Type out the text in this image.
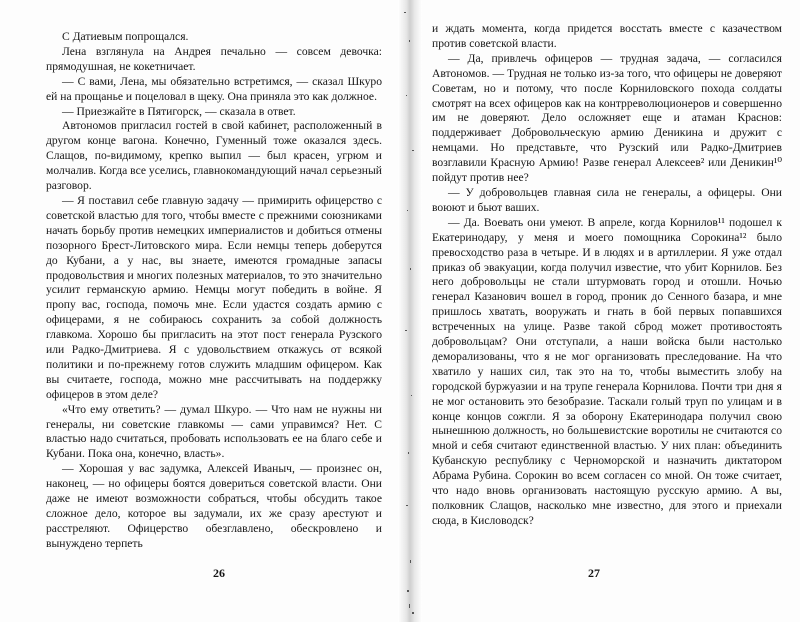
С Датиевым попрощался.

Лена взглянула на Андрея печально — совсем девочка: прямодушная, не кокетничает.

— С вами, Лена, мы обязательно встретимся, — сказал Шкуро ей на прощанье и поцеловал в щеку. Она приняла это как должное.

— Приезжайте в Пятигорск, — сказала в ответ.

Автономов пригласил гостей в свой кабинет, расположенный в другом конце вагона. Конечно, Гуменный тоже оказался здесь. Слащов, по-видимому, крепко выпил — был красен, угрюм и молчалив. Когда все уселись, главнокомандующий начал серьезный разговор.

— Я поставил себе главную задачу — примирить офицерство с советской властью для того, чтобы вместе с прежними союзниками начать борьбу против немецких империалистов и добиться отмены позорного Брест-Литовского мира. Если немцы теперь доберутся до Кубани, а у нас, вы знаете, имеются громадные запасы продовольствия и многих полезных материалов, то это значительно усилит германскую армию. Немцы могут победить в войне. Я пропу вас, господа, помочь мне. Если удастся создать армию с офицерами, я не собираюсь сохранить за собой должность главкома. Хорошо бы пригласить на этот пост генерала Рузского или Радко-Дмитриева. Я с удовольствием откажусь от всякой политики и по-прежнему готов служить младшим офицером. Как вы считаете, господа, можно мне рассчитывать на поддержку офицеров в этом деле?

«Что ему ответить? — думал Шкуро. — Что нам не нужны ни генералы, ни советские главкомы — сами управимся? Нет. С властью надо считаться, пробовать использовать ее на благо себе и Кубани. Пока она, конечно, власть».

— Хорошая у вас задумка, Алексей Иваныч, — произнес он, наконец, — но офицеры боятся довериться советской власти. Они даже не имеют возможности собраться, чтобы обсудить такое сложное дело, которое вы задумали, их же сразу арестуют и расстреляют. Офицерство обезглавлено, обескровлено и вынуждено терпеть

26

и ждать момента, когда придется восстать вместе с казачеством против советской власти.

— Да, привлечь офицеров — трудная задача, — согласился Автономов. — Трудная не только из-за того, что офицеры не доверяют Советам, но и потому, что после Корниловского похода солдаты смотрят на всех офицеров как на контрреволюционеров и совершенно им не доверяют. Дело осложняет еще и атаман Краснов: поддерживает Добровольческую армию Деникина и дружит с немцами. Но представьте, что Рузский или Радко-Дмитриев возглавили Красную Армию! Разве генерал Алексеев² или Деникин¹⁰ пойдут против нее?

— У добровольцев главная сила не генералы, а офицеры. Они воюют и бьют ваших.

— Да. Воевать они умеют. В апреле, когда Корнилов¹¹ подошел к Екатеринодару, у меня и моего помощника Сорокина¹² было превосходство раза в четыре. И в людях и в артиллерии. Я уже отдал приказ об эвакуации, когда получил известие, что убит Корнилов. Без него добровольцы не стали штурмовать город и отошли. Ночью генерал Казанович вошел в город, проник до Сенного базара, и мне пришлось хватать, вооружать и гнать в бой первых попавшихся встреченных на улице. Разве такой сброд может противостоять добровольцам? Они отступали, а наши войска были настолько деморализованы, что я не мог организовать преследование. На что хватило у наших сил, так это на то, чтобы выместить злобу на городской буржуазии и на трупе генерала Корнилова. Почти три дня я не мог остановить это безобразие. Таскали голый труп по улицам и в конце концов сожгли. Я за оборону Екатеринодара получил свою нынешнюю должность, но большевистские воротилы не считаются со мной и себя считают единственной властью. У них план: объединить Кубанскую республику с Черноморской и назначить диктатором Абрама Рубина. Сорокин во всем согласен со мной. Он тоже считает, что надо вновь организовать настоящую русскую армию. А вы, полковник Слащов, насколько мне известно, для этого и приехали сюда, в Кисловодск?

27
